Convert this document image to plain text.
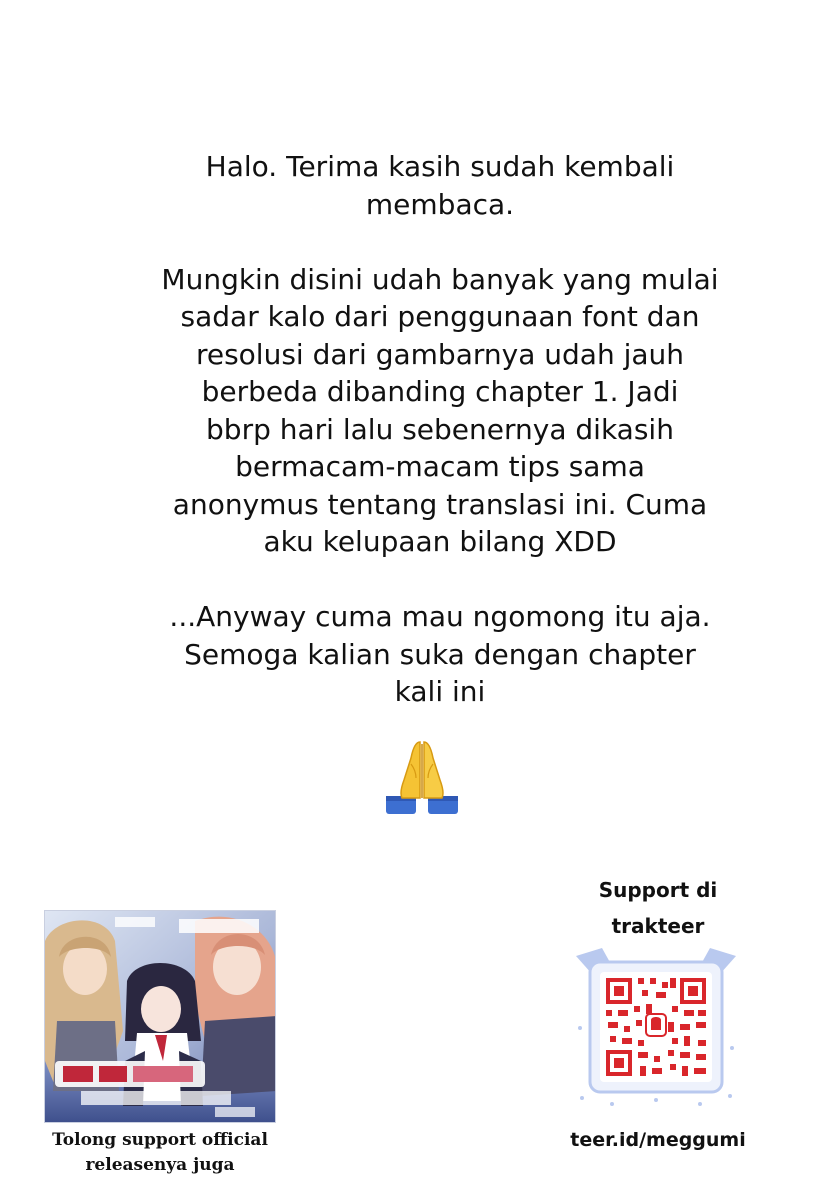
Halo. Terima kasih sudah kembali

membaca.

Mungkin disini udah banyak yang mulai

sadar kalo dari penggunaan font dan

resolusi dari gambarnya udah jauh

berbeda dibanding chapter 1. Jadi

bbrp hari lalu sebenernya dikasih

bermacam-macam tips sama

anonymus tentang translasi ini. Cuma

aku kelupaan bilang XDD

...Anyway cuma mau ngomong itu aja.

Semoga kalian suka dengan chapter

kali ini

Tolong support official
releasenya juga
Support di
trakteer
teer.id/meggumi
